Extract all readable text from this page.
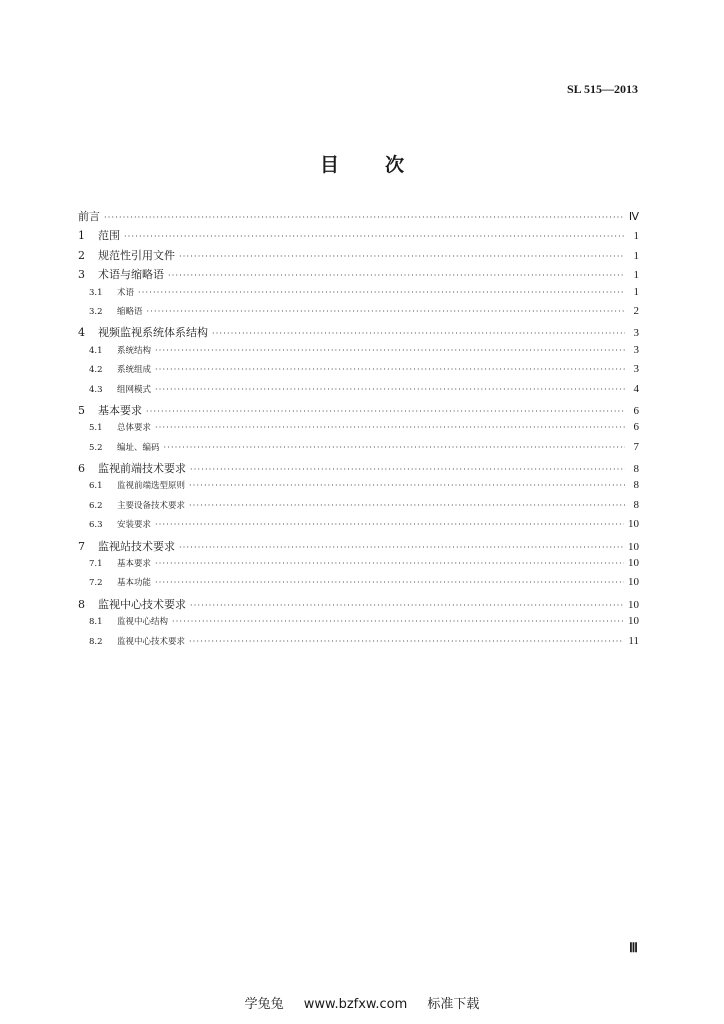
SL 515—2013
目 次
前言 ·····	Ⅳ
1	范围 ·····	1
2	规范性引用文件 ·····	1
3	术语与缩略语 ·····	1
3.1	术语 ·····	1
3.2	缩略语 ·····	2
4	视频监视系统体系结构 ·····	3
4.1	系统结构 ·····	3
4.2	系统组成 ·····	3
4.3	组网模式 ·····	4
5	基本要求 ·····	6
5.1	总体要求 ·····	6
5.2	编址、编码 ·····	7
6	监视前端技术要求 ·····	8
6.1	监视前端选型原则 ·····	8
6.2	主要设备技术要求 ·····	8
6.3	安装要求 ·····	10
7	监视站技术要求 ·····	10
7.1	基本要求 ·····	10
7.2	基本功能 ·····	10
8	监视中心技术要求 ·····	10
8.1	监视中心结构 ·····	10
8.2	监视中心技术要求 ·····	11
Ⅲ
学兔兔 www.bzfxw.com 标准下载
